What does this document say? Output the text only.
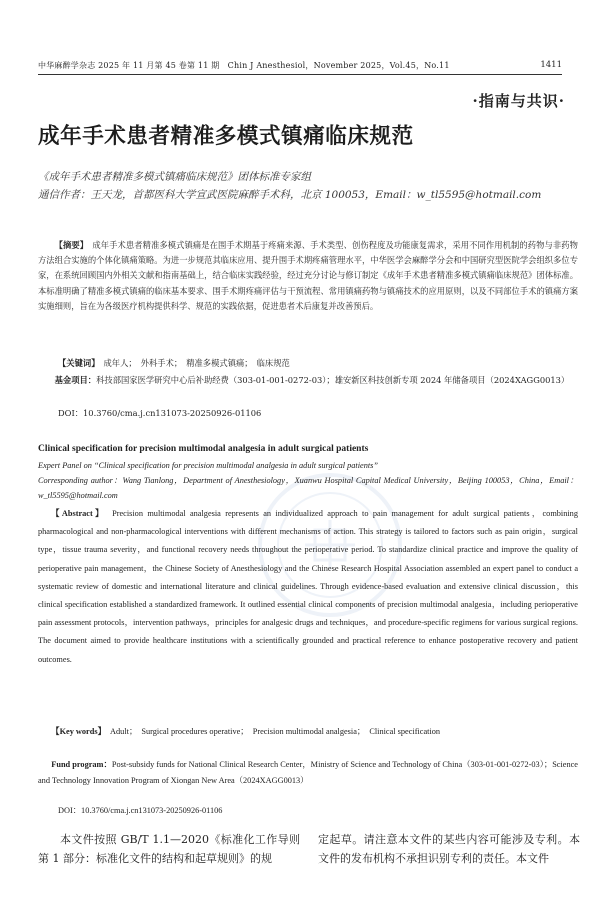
中华麻醉学杂志 2025 年 11 月第 45 卷第 11 期　Chin J Anesthesiol，November 2025，Vol.45，No.11	1411
·指南与共识·
成年手术患者精准多模式镇痛临床规范
《成年手术患者精准多模式镇痛临床规范》团体标准专家组
通信作者：王天龙，首都医科大学宣武医院麻醉手术科，北京 100053，Email：w_tl5595@hotmail.com
【摘要】　 成年手术患者精准多模式镇痛是在围手术期基于疼痛来源、手术类型、创伤程度及功能康复需求，采用不同作用机制的药物与非药物方法组合实施的个体化镇痛策略。为进一步规范其临床应用、提升围手术期疼痛管理水平，中华医学会麻醉学分会和中国研究型医院学会组织多位专家，在系统回顾国内外相关文献和指南基础上，结合临床实践经验，经过充分讨论与修订制定《成年手术患者精准多模式镇痛临床规范》团体标准。本标准明确了精准多模式镇痛的临床基本要求、围手术期疼痛评估与干预流程、常用镇痛药物与镇痛技术的应用原则，以及不同部位手术的镇痛方案实施细则，旨在为各级医疗机构提供科学、规范的实践依据，促进患者术后康复并改善预后。
【关键词】 成年人； 外科手术； 精准多模式镇痛； 临床规范
基金项目：科技部国家医学研究中心后补助经费（303-01-001-0272-03）；雄安新区科技创新专项 2024 年储备项目（2024XAGG0013）
DOI：10.3760/cma.j.cn131073-20250926-01106
Clinical specification for precision multimodal analgesia in adult surgical patients
Expert Panel on “Clinical specification for precision multimodal analgesia in adult surgical patients”
Corresponding author：Wang Tianlong，Department of Anesthesiology，Xuanwu Hospital Capital Medical University，Beijing 100053，China，Email：w_tl5595@hotmail.com
【Abstract】　 Precision multimodal analgesia represents an individualized approach to pain management for adult surgical patients，combining pharmacological and non-pharmacological interventions with different mechanisms of action. This strategy is tailored to factors such as pain origin，surgical type，tissue trauma severity，and functional recovery needs throughout the perioperative period. To standardize clinical practice and improve the quality of perioperative pain management，the Chinese Society of Anesthesiology and the Chinese Research Hospital Association assembled an expert panel to conduct a systematic review of domestic and international literature and clinical guidelines. Through evidence-based evaluation and extensive clinical discussion，this clinical specification established a standardized framework. It outlined essential clinical components of precision multimodal analgesia，including perioperative pain assessment protocols，intervention pathways，principles for analgesic drugs and techniques，and procedure-specific regimens for various surgical regions. The document aimed to provide healthcare institutions with a scientifically grounded and practical reference to enhance postoperative recovery and patient outcomes.
【Key words】　 Adult；　Surgical procedures operative；　Precision multimodal analgesia；　Clinical specification
Fund program：Post-subsidy funds for National Clinical Research Center，Ministry of Science and Technology of China（303-01-001-0272-03）；Science and Technology Innovation Program of Xiongan New Area（2024XAGG0013）
DOI：10.3760/cma.j.cn131073-20250926-01106
本文件按照 GB/T 1.1—2020《标准化工作导则 第 1 部分：标准化文件的结构和起草规则》的规
定起草。请注意本文件的某些内容可能涉及专利。本文件的发布机构不承担识别专利的责任。本文件
